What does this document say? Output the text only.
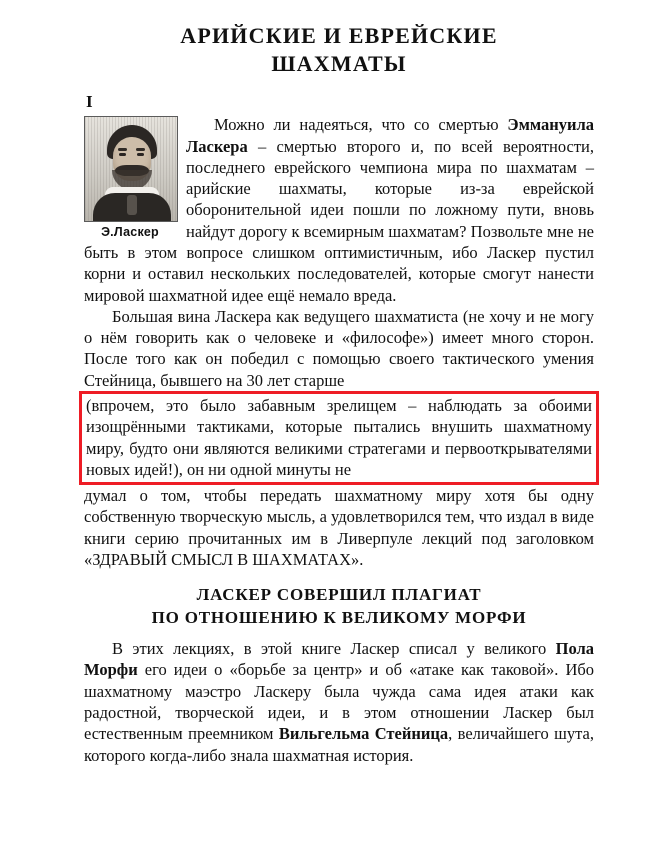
АРИЙСКИЕ И ЕВРЕЙСКИЕ
ШАХМАТЫ
I
Э.Ласкер

Можно ли надеяться, что со смертью Эммануила Ласкера – смертью второго и, по всей вероятности, последнего еврейского чемпиона мира по шахматам – арийские шахматы, которые из-за еврейской оборонительной идеи пошли по ложному пути, вновь найдут дорогу к всемирным шахматам? Позвольте мне не быть в этом вопросе слишком оптимистичным, ибо Ласкер пустил корни и оставил нескольких последователей, которые смогут нанести мировой шахматной идее ещё немало вреда.

Большая вина Ласкера как ведущего шахматиста (не хочу и не могу о нём говорить как о человеке и «философе») имеет много сторон. После того как он победил с помощью своего тактического умения Стейница, бывшего на 30 лет старше

(впрочем, это было забавным зрелищем – наблюдать за обоими изощрёнными тактиками, которые пытались внушить шахматному миру, будто они являются великими стратегами и первооткрывателями новых идей!), он ни одной минуты не

думал о том, чтобы передать шахматному миру хотя бы одну собственную творческую мысль, а удовлетворился тем, что издал в виде книги серию прочитанных им в Ливерпуле лекций под заголовком «ЗДРАВЫЙ СМЫСЛ В ШАХМАТАХ».

ЛАСКЕР СОВЕРШИЛ ПЛАГИАТ
ПО ОТНОШЕНИЮ К ВЕЛИКОМУ МОРФИ

В этих лекциях, в этой книге Ласкер списал у великого Пола Морфи его идеи о «борьбе за центр» и об «атаке как таковой». Ибо шахматному маэстро Ласкеру была чужда сама идея атаки как радостной, творческой идеи, и в этом отношении Ласкер был естественным преемником Вильгельма Стейница, величайшего шута, которого когда-либо знала шахматная история.
